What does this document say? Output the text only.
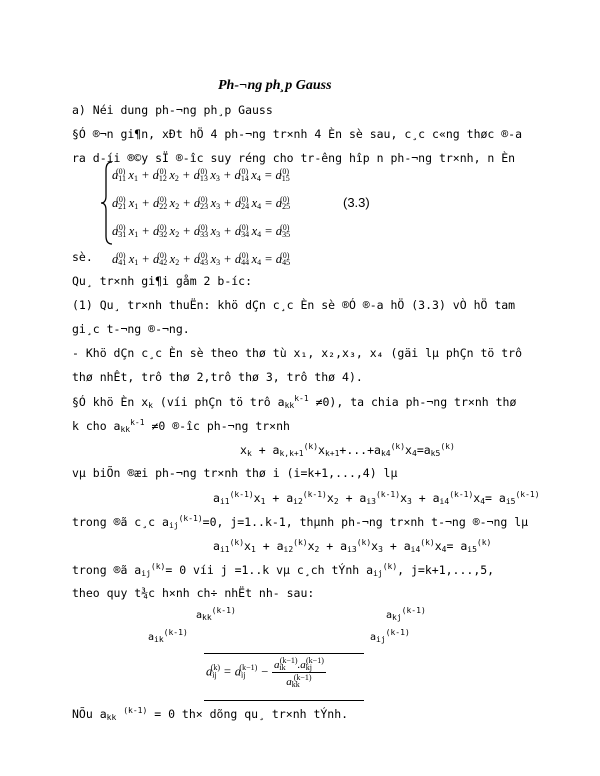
Ph-¬ng ph¸p Gauss
a) Néi dung ph-¬ng ph¸p Gauss
§Ó ®¬n gi¶n, xÐt hÖ 4 ph-¬ng tr×nh 4 Èn sè sau, c¸c c«ng thøc ®-a
ra d-íi ®©y sÏ ®-îc suy réng cho tr-êng hîp n ph-¬ng tr×nh, n Èn
$a_{11}^{(0)}$ $x_1 + a_{12}^{(0)}$ $x_2 + a_{13}^{(0)}$ $x_3 + a_{14}^{(0)}$ $x_4 = a_{15}^{(0)}$
$a_{21}^{(0)}$ $x_1 + a_{22}^{(0)}$ $x_2 + a_{23}^{(0)}$ $x_3 + a_{24}^{(0)}$ $x_4 = a_{25}^{(0)}$
$a_{31}^{(0)}$ $x_1 + a_{32}^{(0)}$ $x_2 + a_{33}^{(0)}$ $x_3 + a_{34}^{(0)}$ $x_4 = a_{35}^{(0)}$
$a_{41}^{(0)}$ $x_1 + a_{42}^{(0)}$ $x_2 + a_{43}^{(0)}$ $x_3 + a_{44}^{(0)}$ $x_4 = a_{45}^{(0)}$
(3.3)
sè.
Qu¸ tr×nh gi¶i gåm 2 b-íc:
(1) Qu¸ tr×nh thuËn: khö dÇn c¸c Èn sè ®Ó ®-a hÖ (3.3) vÒ hÖ tam
gi¸c t-¬ng ®-¬ng.
- Khö dÇn c¸c Èn sè theo thø tù x₁, x₂,x₃, x₄ (gäi lµ phÇn tö trô
thø nhÊt, trô thø 2,trô thø 3, trô thø 4).
§Ó khö Èn $x_k$ (víi phÇn tö trô $a_{kk}^{k-1} \ne 0$), ta chia ph-¬ng tr×nh thø
k cho $a_{kk}^{k-1} \ne 0$ ®-îc ph-¬ng tr×nh
$x_k + a_{k,k+1}^{(k)}x_{k+1}+...+a_{k4}^{(k)}x_4=a_{k5}^{(k)}$
vµ biÕn ®æi ph-¬ng tr×nh thø i (i=k+1,...,4) lµ
$a_{i1}^{(k-1)}x_1 + a_{i2}^{(k-1)}x_2 + a_{i3}^{(k-1)}x_3 + a_{i4}^{(k-1)}x_4= a_{i5}^{(k-1)}$
trong ®ã c¸c $a_{ij}^{(k-1)}=0$, j=1..k-1, thµnh ph-¬ng tr×nh t-¬ng ®-¬ng lµ
$a_{i1}^{(k)}x_1 + a_{i2}^{(k)}x_2 + a_{i3}^{(k)}x_3 + a_{i4}^{(k)}x_4= a_{i5}^{(k)}$
trong ®ã $a_{ij}^{(k)}= 0$ víi j =1..k vµ c¸ch tÝnh $a_{ij}^{(k)}$, j=k+1,...,5,
theo quy t¾c h×nh ch÷ nhËt nh- sau:
$a_{kk}^{(k-1)}$	$a_{kj}^{(k-1)}$
$a_{ik}^{(k-1)}$	$a_{ij}^{(k-1)}$
$a_{ij}^{(k)} = a_{ij}^{(k-1)} - \frac{a_{ik}^{(k-1)}.a_{kj}^{(k-1)}}{a_{kk}^{(k-1)}}$
NÕu $a_{kk}$ $^{(k-1)}$ = 0 th× dõng qu¸ tr×nh tÝnh.
